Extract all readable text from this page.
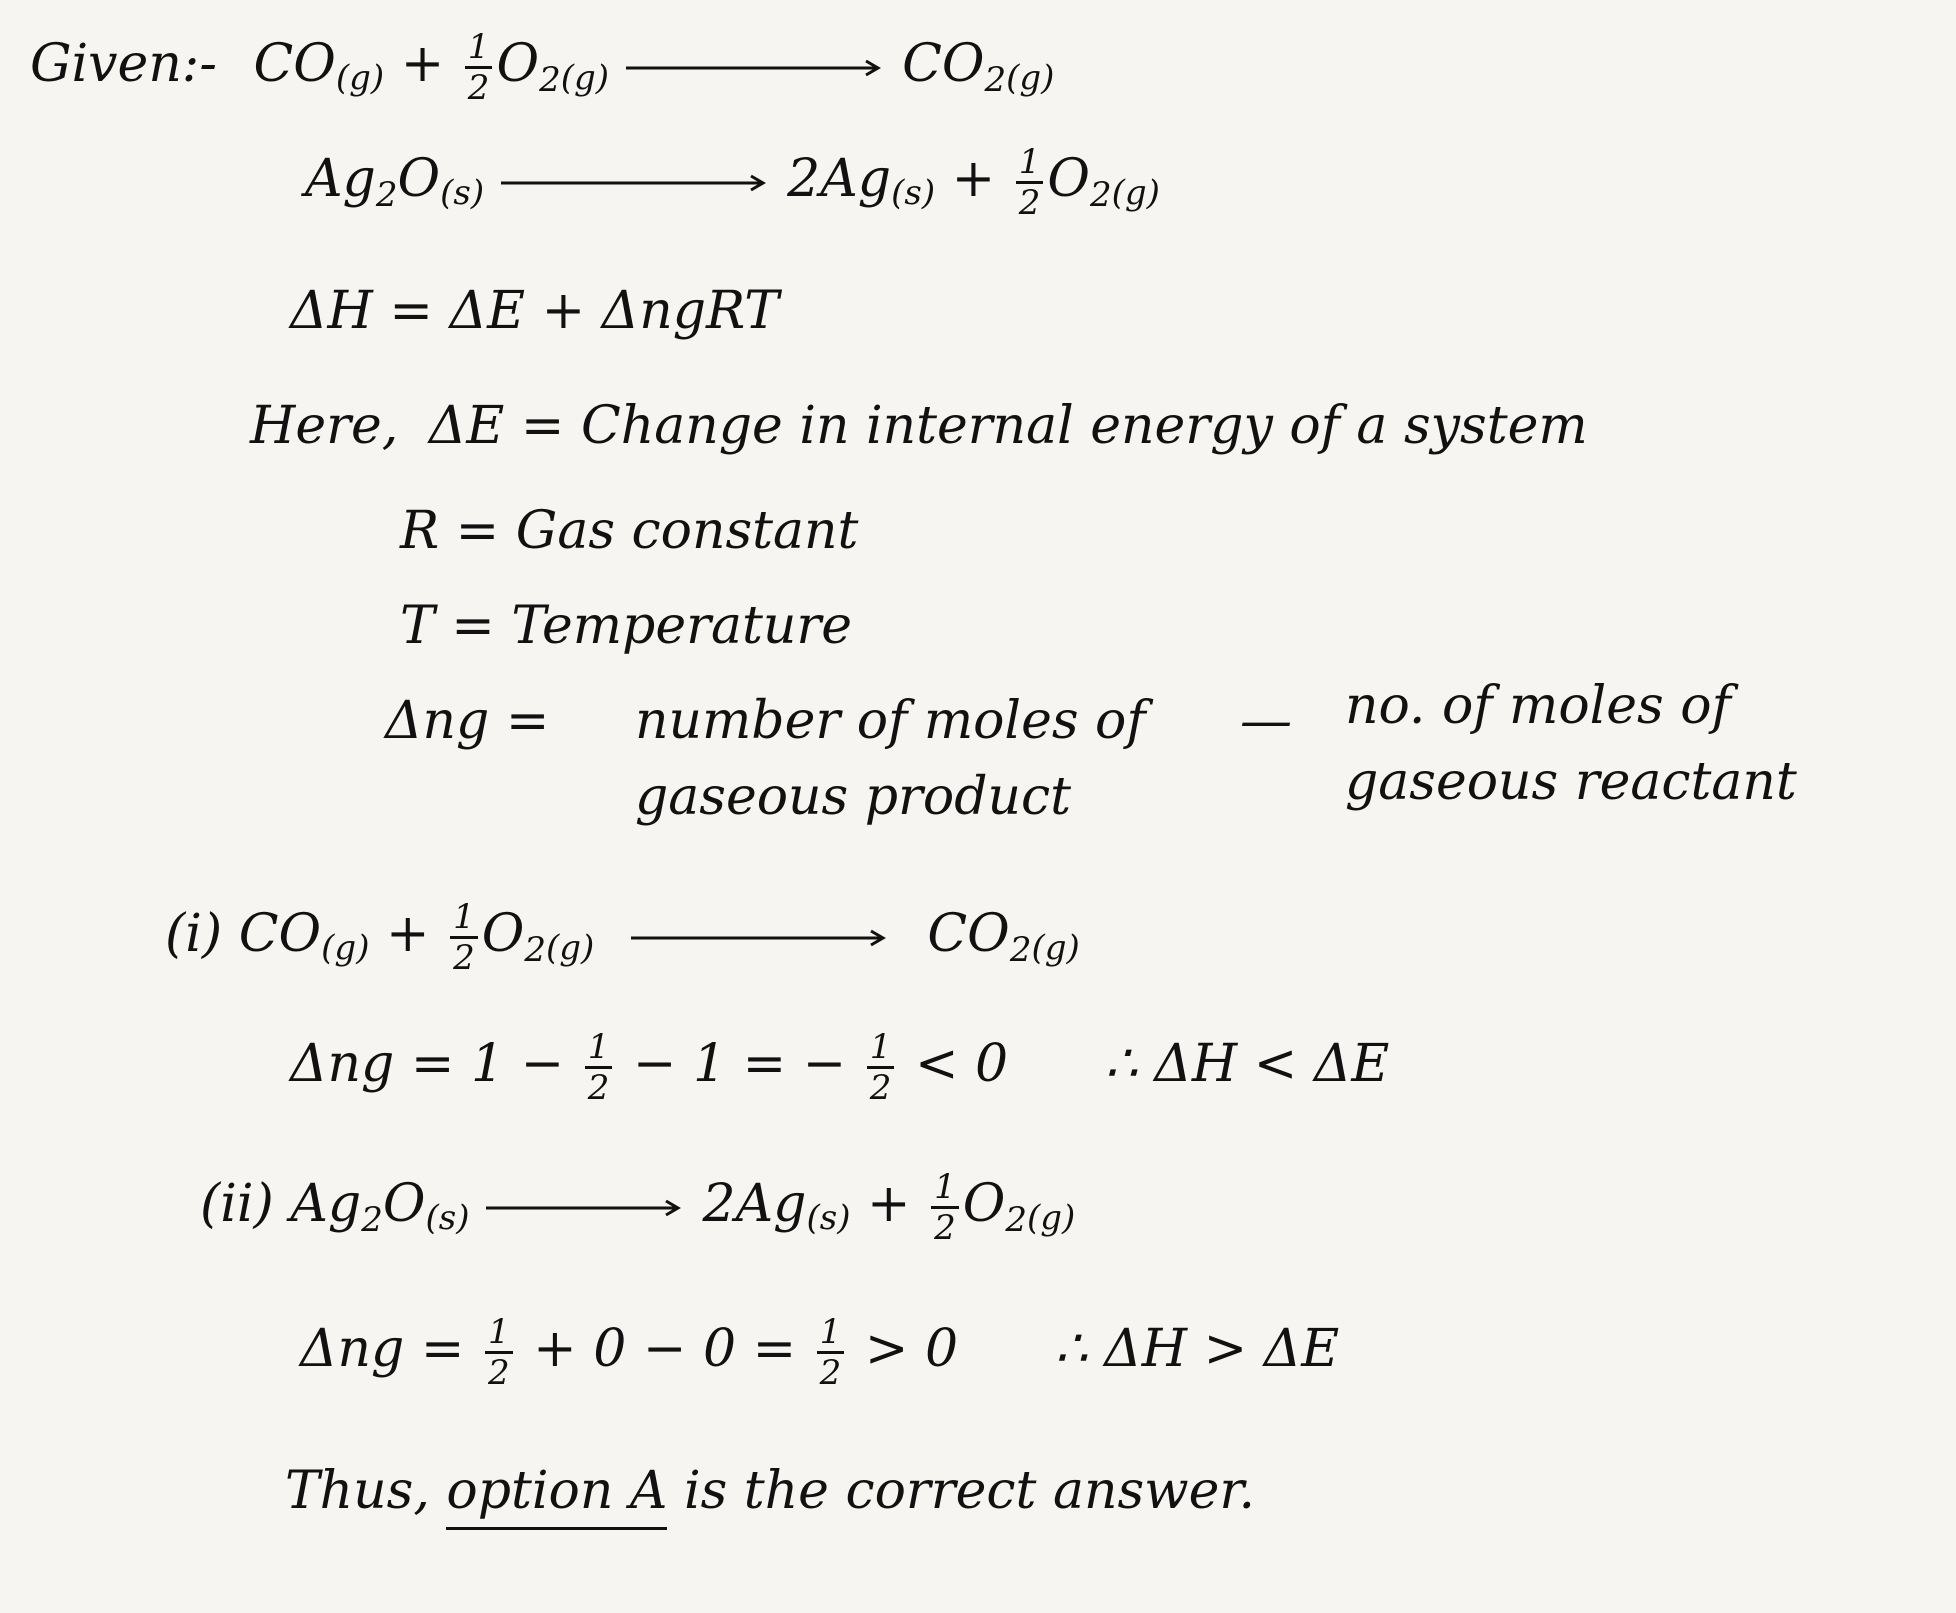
Given:- $CO(g) + \frac{1}{2} O_2(g)$	$CO_2(g)$
$Ag_2O(s)$	$2Ag(s) + \frac{1}{2} O_2(g)$
ΔH = ΔE + ΔngRT
Here, ΔE = Change in internal energy of a system
R = Gas constant
T = Temperature
Δng = number of moles of
gaseous product
— no. of moles of
gaseous reactant
(i) $CO(g) + \frac{1}{2} O_2(g)$	$CO_2(g)$
$\Delta ng = 1 - \frac{1}{2} - 1$ = − $\frac{1}{2} < 0$ ∴ ΔH < ΔE
(ii) $Ag_2O(s) \to 2Ag(s) + \frac{1}{2} O_2(g)$
$\Delta ng = \frac{1}{2} + 0 - 0 = \frac{1}{2} > 0$ ∴ ΔH > ΔE
Thus, option A is the correct answer.
